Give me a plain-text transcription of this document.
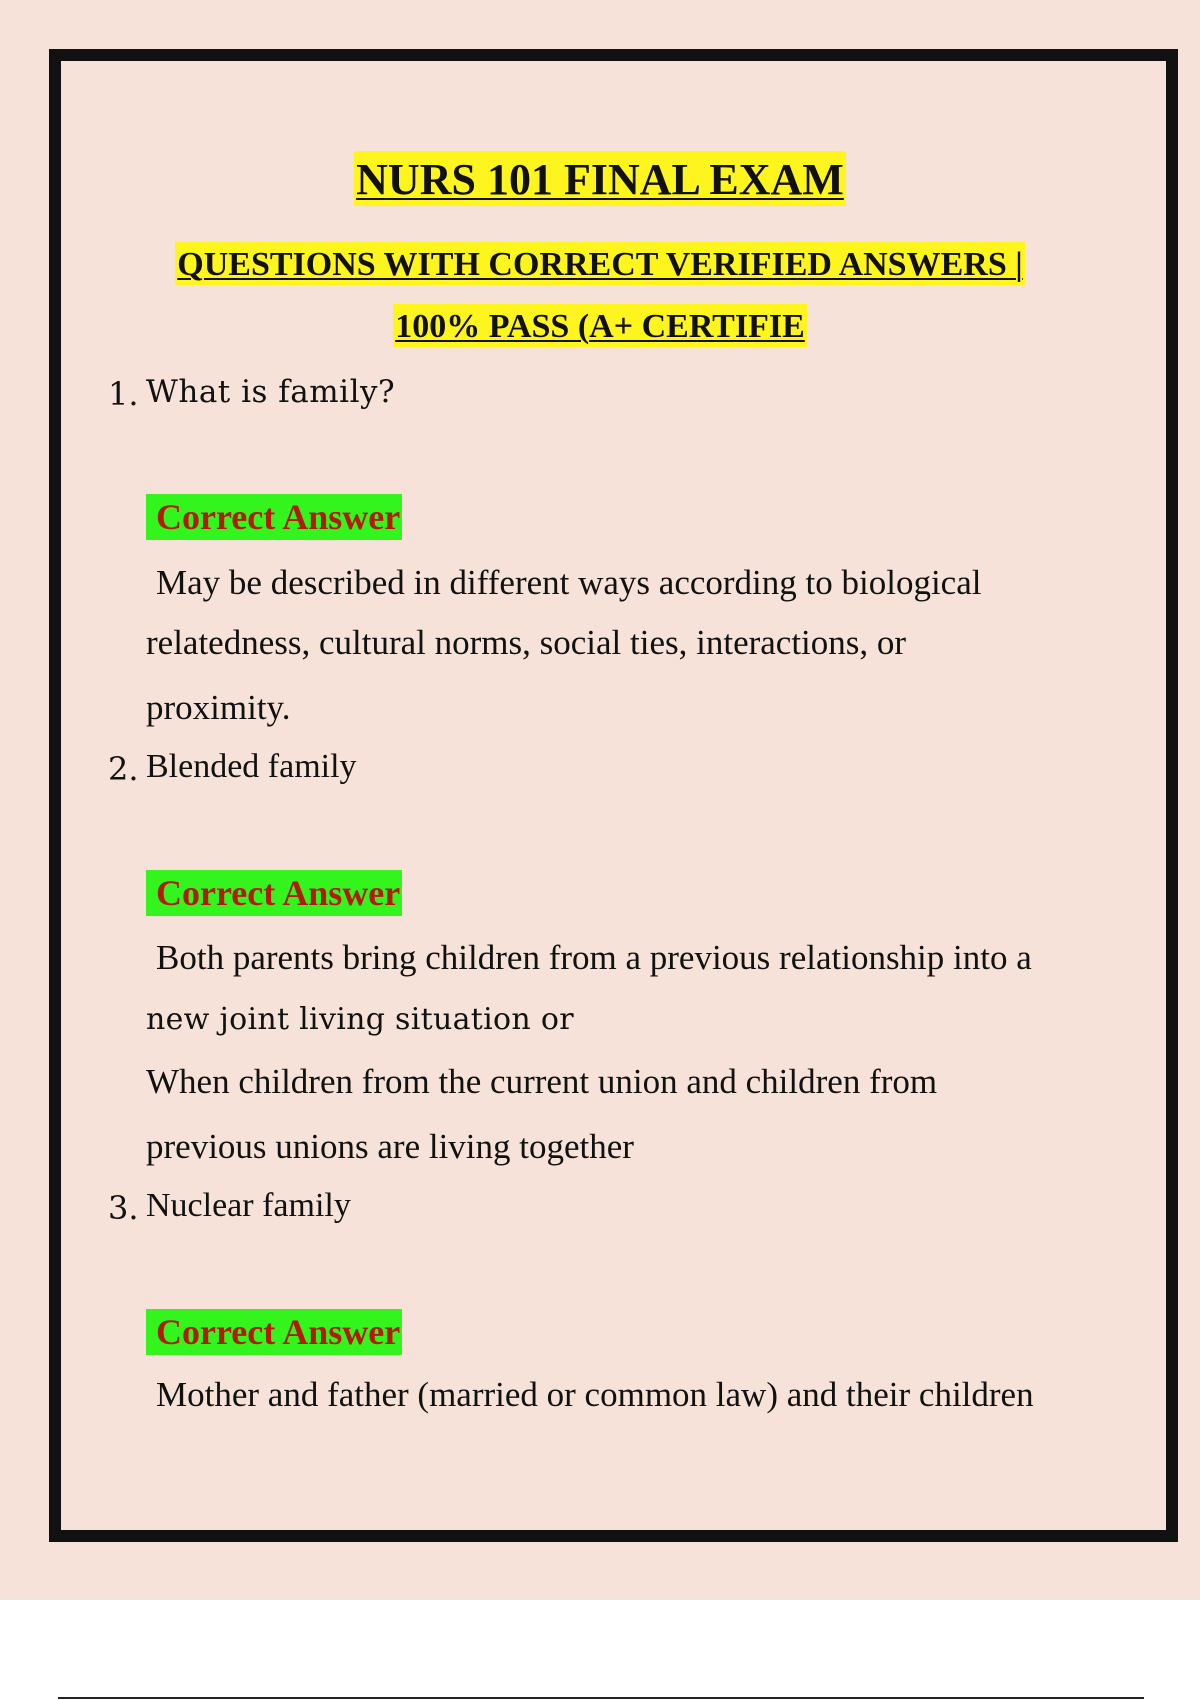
NURS 101 FINAL EXAM
QUESTIONS WITH CORRECT VERIFIED ANSWERS |
100% PASS (A+ CERTIFIE
1. What is family?
Correct Answer
May be described in different ways according to biological
relatedness, cultural norms, social ties, interactions, or
proximity.
2. Blended family
Correct Answer
Both parents bring children from a previous relationship into a
new joint living situation or
When children from the current union and children from
previous unions are living together
3. Nuclear family
Correct Answer
Mother and father (married or common law) and their children
